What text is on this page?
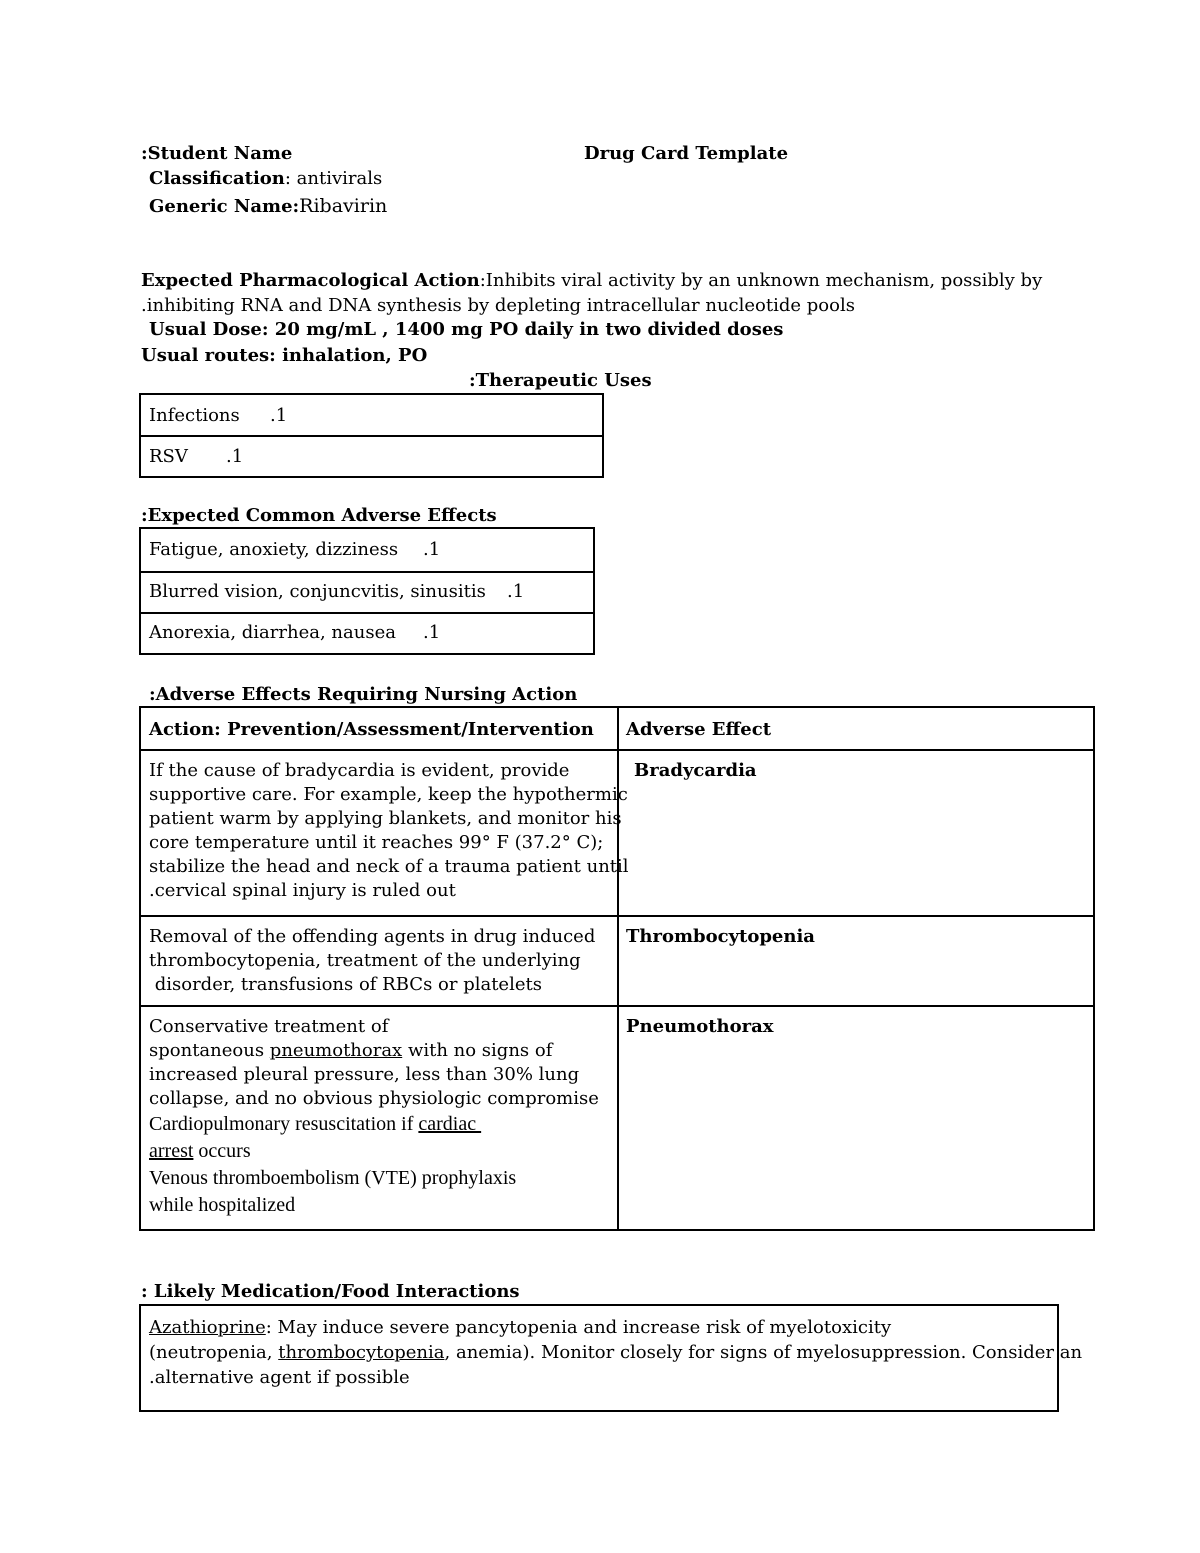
:Student Name	Drug Card Template
Classification: antivirals
Generic Name:Ribavirin
Expected Pharmacological Action:Inhibits viral activity by an unknown mechanism, possibly by
.inhibiting RNA and DNA synthesis by depleting intracellular nucleotide pools
Usual Dose: 20 mg/mL , 1400 mg PO daily in two divided doses
Usual routes: inhalation, PO
:Therapeutic Uses
Infections .1
RSV .1
:Expected Common Adverse Effects
Fatigue, anoxiety, dizziness .1
Blurred vision, conjuncvitis, sinusitis .1
Anorexia, diarrhea, nausea .1
:Adverse Effects Requiring Nursing Action
Action: Prevention/Assessment/Intervention Adverse Effect
If the cause of bradycardia is evident, provide
supportive care. For example, keep the hypothermic
patient warm by applying blankets, and monitor his
core temperature until it reaches 99° F (37.2° C);
stabilize the head and neck of a trauma patient until
.cervical spinal injury is ruled out
Bradycardia
Removal of the offending agents in drug induced
thrombocytopenia, treatment of the underlying
disorder, transfusions of RBCs or platelets
Thrombocytopenia
Conservative treatment of
spontaneous pneumothorax with no signs of
increased pleural pressure, less than 30% lung
collapse, and no obvious physiologic compromise
Cardiopulmonary resuscitation if cardiac
arrest occurs
Venous thromboembolism (VTE) prophylaxis
while hospitalized
Pneumothorax
: Likely Medication/Food Interactions
Azathioprine: May induce severe pancytopenia and increase risk of myelotoxicity
(neutropenia, thrombocytopenia, anemia). Monitor closely for signs of myelosuppression. Consider an
.alternative agent if possible
